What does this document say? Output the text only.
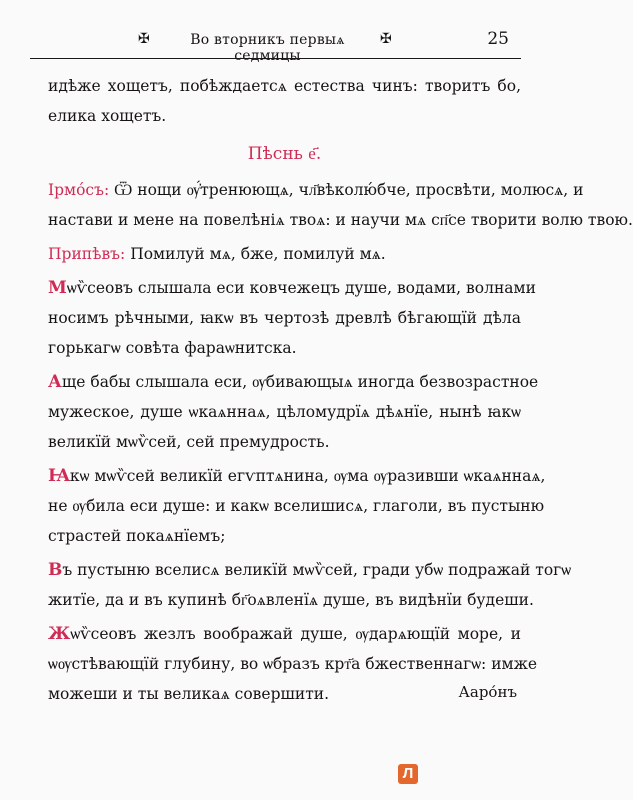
✠	Во вторникъ первыѧ седмицы
✠	25
идѣже хощетъ, побѣждаетсѧ естества чинъ: творитъ бо,
елика хощетъ.
Пѣснь е҃.
Ірмо́съ: Ѿ нощи ѹ҆́тренюющѧ, чл҃вѣколю́бче, просвѣти, молюсѧ, и
настави и мене на повелѣніѧ твоѧ: и научи мѧ сп҃се творити волю твою.
Припѣвъ: Помилуй мѧ, бже, помилуй мѧ.
Мѡѷсеовъ слышала еси ковчежецъ душе, водами, волнами
носимъ рѣчными, ꙗкѡ въ чертозѣ древлѣ бѣгающїй дѣла
горькагѡ совѣта фараѡнитска.
Аще бабы слышала еси, ѹбивающыѧ иногда безвозрастное
мужеское, душе ѡкаѧннаѧ, цѣломудрїѧ дѣѧнїе, нынѣ ꙗкѡ
великїй мѡѷсей, сей премудрость.
Ꙗкѡ мѡѷсей великїй егѵптѧнина, ѹма ѹразивши ѡкаѧннаѧ,
не ѹбила еси душе: и какѡ вселишисѧ, глаголи, въ пустыню
страстей покаѧнїемъ;
Въ пустыню вселисѧ великїй мѡѷсей, гради убѡ подражай тогѡ
житїе, да и въ купинѣ бг҃оѧвленїѧ душе, въ видѣнїи будеши.
Жѡѷсеовъ жезлъ воображай душе, ѹдарѧющїй море, и
ѡѹстѣвающїй глубину, во ѡбразъ крт҃а бжественнагѡ: имже
можеши и ты великаѧ совершити.	Ааро́нъ
Л
